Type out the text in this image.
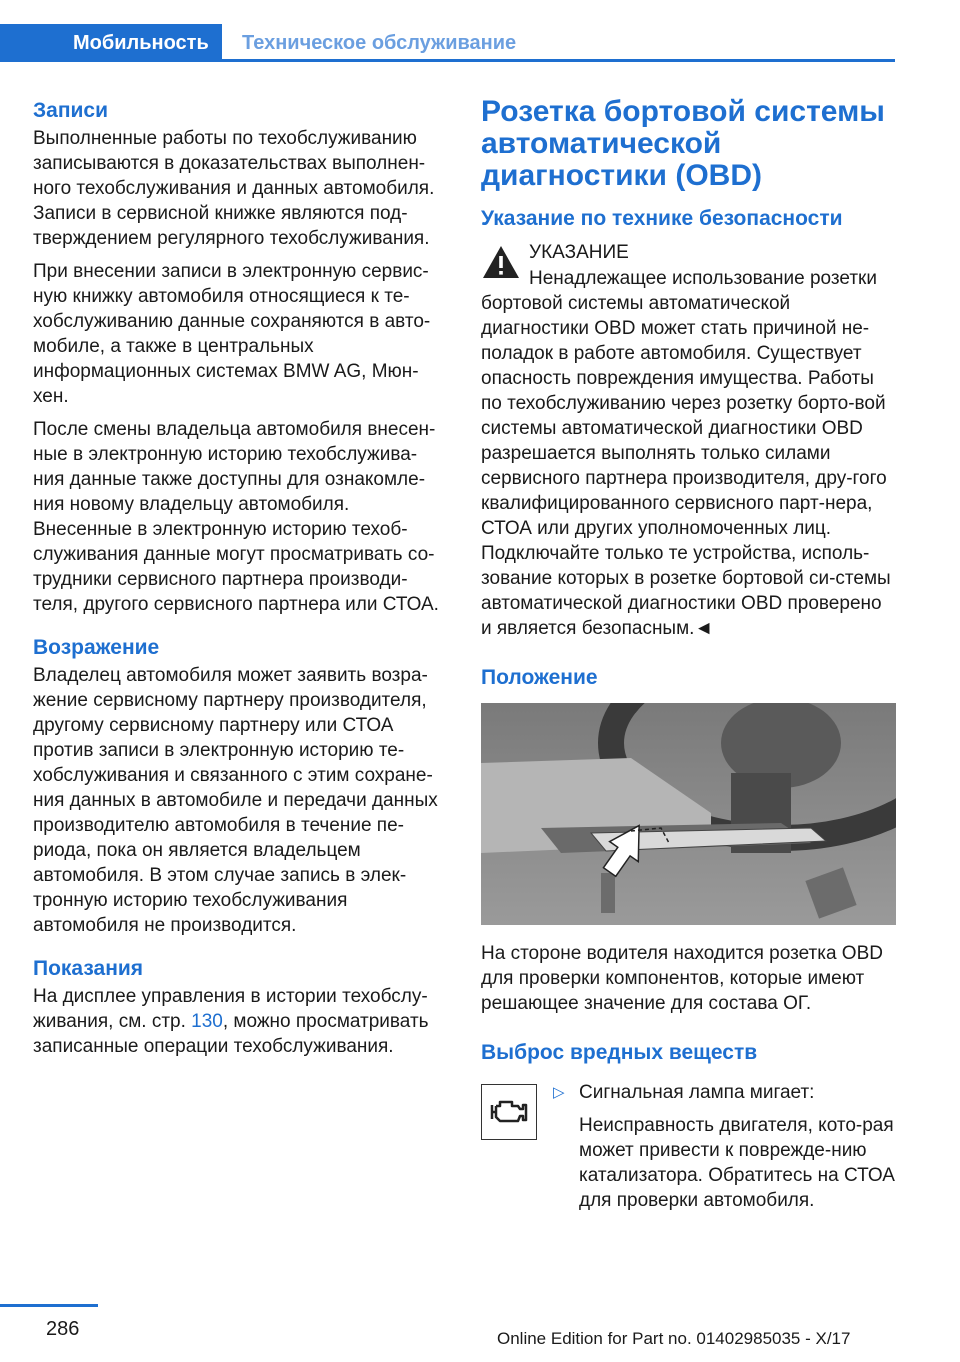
Мобильность	Техническое обслуживание
Записи

Выполненные работы по техобслуживанию записываются в доказательствах выполнен-ного техобслуживания и данных автомобиля. Записи в сервисной книжке являются под-тверждением регулярного техобслуживания.

При внесении записи в электронную сервис-ную книжку автомобиля относящиеся к те-хобслуживанию данные сохраняются в авто-мобиле, а также в центральных информационных системах BMW AG, Мюн-хен.

После смены владельца автомобиля внесен-ные в электронную историю техобслужива-ния данные также доступны для ознакомле-ния новому владельцу автомобиля. Внесенные в электронную историю техоб-служивания данные могут просматривать со-трудники сервисного партнера производи-теля, другого сервисного партнера или СТОА.

Возражение

Владелец автомобиля может заявить возра-жение сервисному партнеру производителя, другому сервисному партнеру или СТОА против записи в электронную историю те-хобслуживания и связанного с этим сохране-ния данных в автомобиле и передачи данных производителю автомобиля в течение пе-риода, пока он является владельцем автомобиля. В этом случае запись в элек-тронную историю техобслуживания автомобиля не производится.

Показания

На дисплее управления в истории техобслу-живания, см. стр. 130, можно просматривать записанные операции техобслуживания.

Розетка бортовой системы автоматической диагностики (OBD)
Указание по технике безопасности

УКАЗАНИЕ

Ненадлежащее использование розетки

бортовой системы автоматической диагностики OBD может стать причиной не-поладок в работе автомобиля. Существует опасность повреждения имущества. Работы по техобслуживанию через розетку борто-вой системы автоматической диагностики OBD разрешается выполнять только силами сервисного партнера производителя, дру-гого квалифицированного сервисного парт-нера, СТОА или других уполномоченных лиц. Подключайте только те устройства, исполь-зование которых в розетке бортовой си-стемы автоматической диагностики OBD проверено и является безопасным.◄

Положение

На стороне водителя находится розетка OBD для проверки компонентов, которые имеют решающее значение для состава ОГ.

Выброс вредных веществ
▷ Сигнальная лампа мигает:

Неисправность двигателя, кото-рая может привести к поврежде-нию катализатора. Обратитесь на СТОА для проверки автомобиля.

286	Online Edition for Part no. 01402985035 - X/17
